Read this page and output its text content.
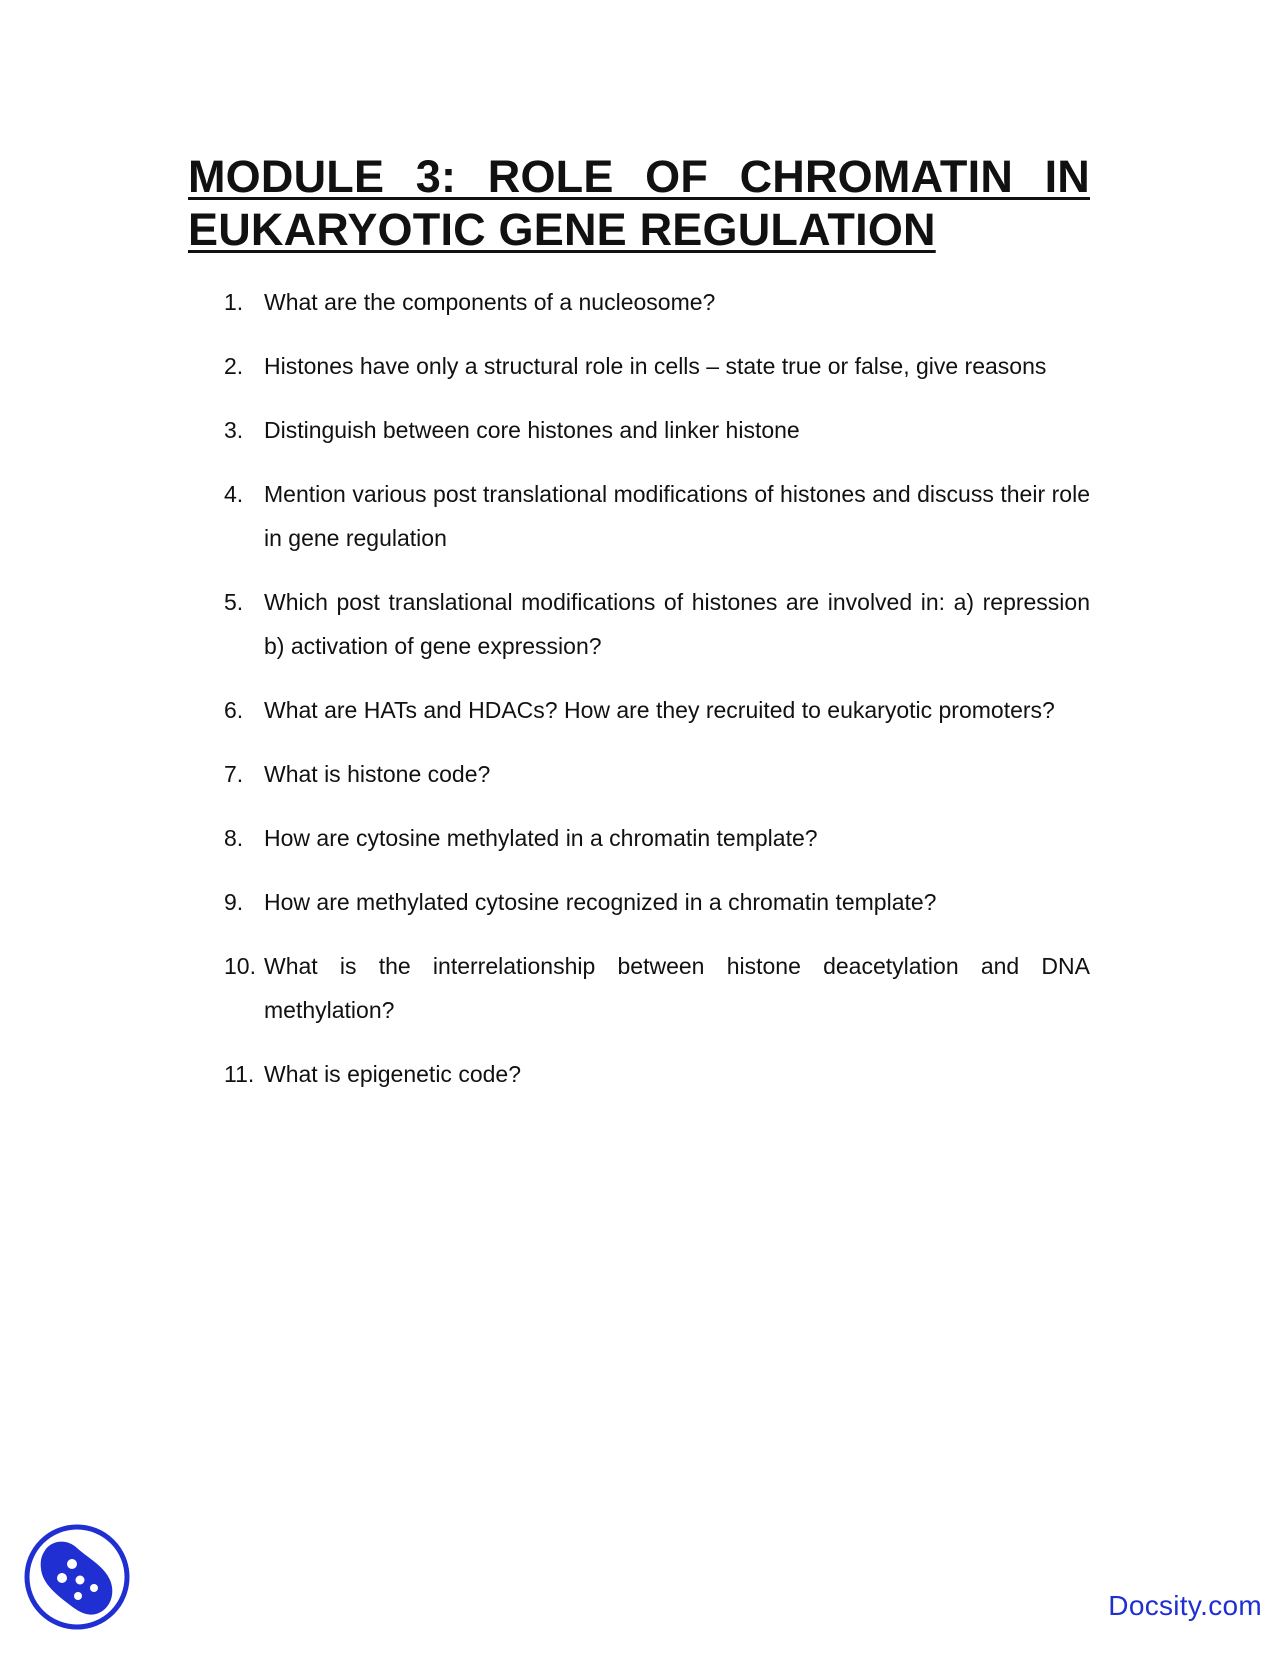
MODULE 3: ROLE OF CHROMATIN IN
EUKARYOTIC GENE REGULATION
1. What are the components of a nucleosome?
2. Histones have only a structural role in cells – state true or false, give reasons
3. Distinguish between core histones and linker histone
4. Mention various post translational modifications of histones and discuss their role in gene regulation
5. Which post translational modifications of histones are involved in: a) repression b) activation of gene expression?
6. What are HATs and HDACs? How are they recruited to eukaryotic promoters?
7. What is histone code?
8. How are cytosine methylated in a chromatin template?
9. How are methylated cytosine recognized in a chromatin template?
10. What is the interrelationship between histone deacetylation and DNA methylation?
11. What is epigenetic code?
Docsity.com
